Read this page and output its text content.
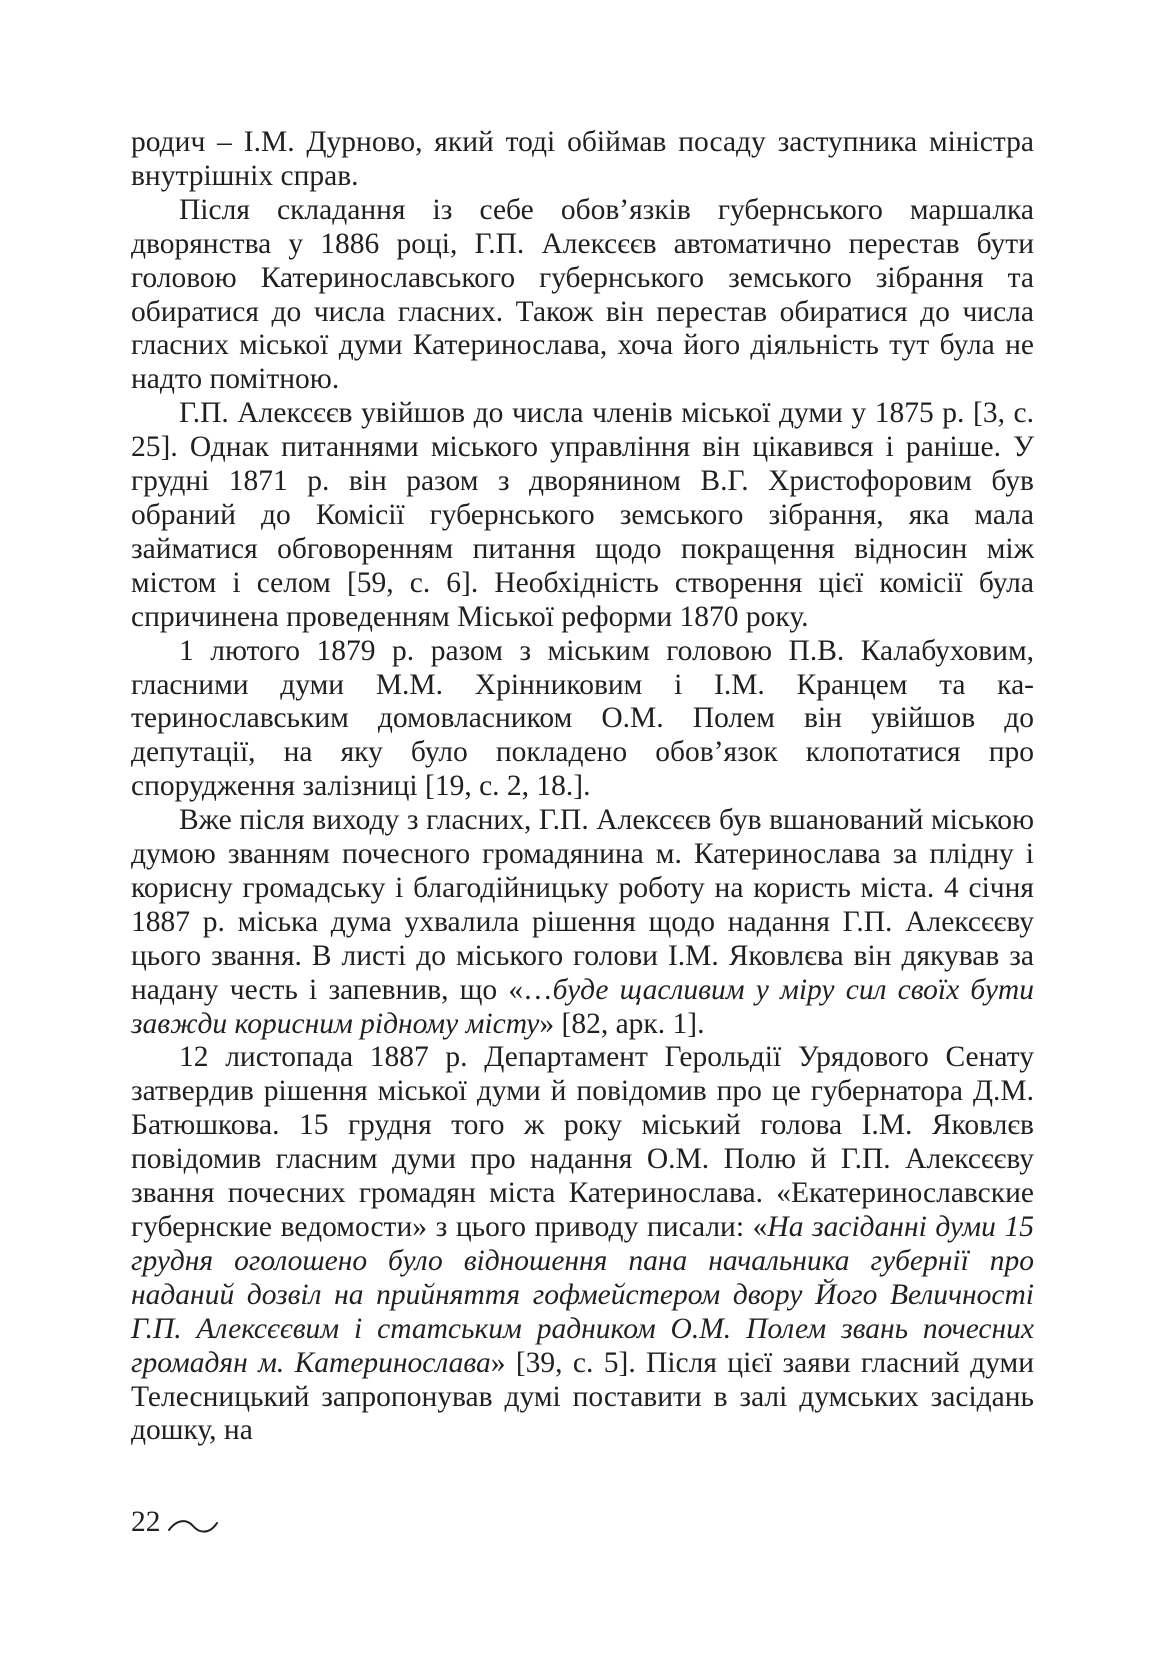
родич – І.М. Дурново, який тоді обіймав посаду заступника міністра внутрішніх справ.

Після складання із себе обов’язків губернського маршалка дворянства у 1886 році, Г.П. Алексєєв автоматично перестав бути головою Катеринославського губернського земського зібрання та обиратися до числа гласних. Також він перестав обиратися до числа гласних міської думи Катеринослава, хоча його діяльність тут була не надто помітною.

Г.П. Алексєєв увійшов до числа членів міської думи у 1875 р. [3, с. 25]. Однак питаннями міського управління він цікавився і раніше. У грудні 1871 р. він разом з дворянином В.Г. Христофоровим був обраний до Комісії губернського земського зібрання, яка мала займатися обговоренням питання щодо покращення відносин між містом і селом [59, с. 6]. Необхідність створення цієї комісії була спричинена проведенням Міської реформи 1870 року.

1 лютого 1879 р. разом з міським головою П.В. Калабуховим, гласними думи М.М. Хрінниковим і І.М. Кранцем та катеринославським домовласником О.М. Полем він увійшов до депутації, на яку було покладено обов’язок клопотатися про спорудження залізниці [19, с. 2, 18.].

Вже після виходу з гласних, Г.П. Алексєєв був вшанований міською думою званням почесного громадянина м. Катеринослава за плідну і корисну громадську і благодійницьку роботу на користь міста. 4 січня 1887 р. міська дума ухвалила рішення щодо надання Г.П. Алексєєву цього звання. В листі до міського голови І.М. Яковлєва він дякував за надану честь і запевнив, що «…буде щасливим у міру сил своїх бути завжди корисним рідному місту» [82, арк. 1].

12 листопада 1887 р. Департамент Герольдії Урядового Сенату затвердив рішення міської думи й повідомив про це губернатора Д.М. Батюшкова. 15 грудня того ж року міський голова І.М. Яковлєв повідомив гласним думи про надання О.М. Полю й Г.П. Алексєєву звання почесних громадян міста Катеринослава. «Екатеринославские губернские ведомости» з цього приводу писали: «На засіданні думи 15 грудня оголошено було відношення пана начальника губернії про наданий дозвіл на прийняття гофмейстером двору Його Величності Г.П. Алексєєвим і статським радником О.М. Полем звань почесних громадян м. Катеринослава» [39, с. 5]. Після цієї заяви гласний думи Телесницький запропонував думі поставити в залі думських засідань дошку, на

22
